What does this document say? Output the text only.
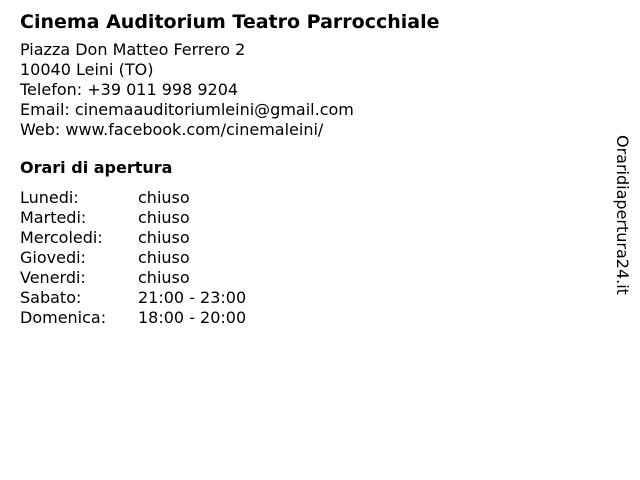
Cinema Auditorium Teatro Parrocchiale
Piazza Don Matteo Ferrero 2
10040 Leini (TO)
Telefon: +39 011 998 9204
Email: cinemaauditoriumleini@gmail.com
Web: www.facebook.com/cinemaleini/
Orari di apertura
Lunedi:	chiuso
Martedi:	chiuso
Mercoledi:	chiuso
Giovedi:	chiuso
Venerdi:	chiuso
Sabato:	21:00 - 23:00
Domenica:	18:00 - 20:00
Oraridiapertura24.it
